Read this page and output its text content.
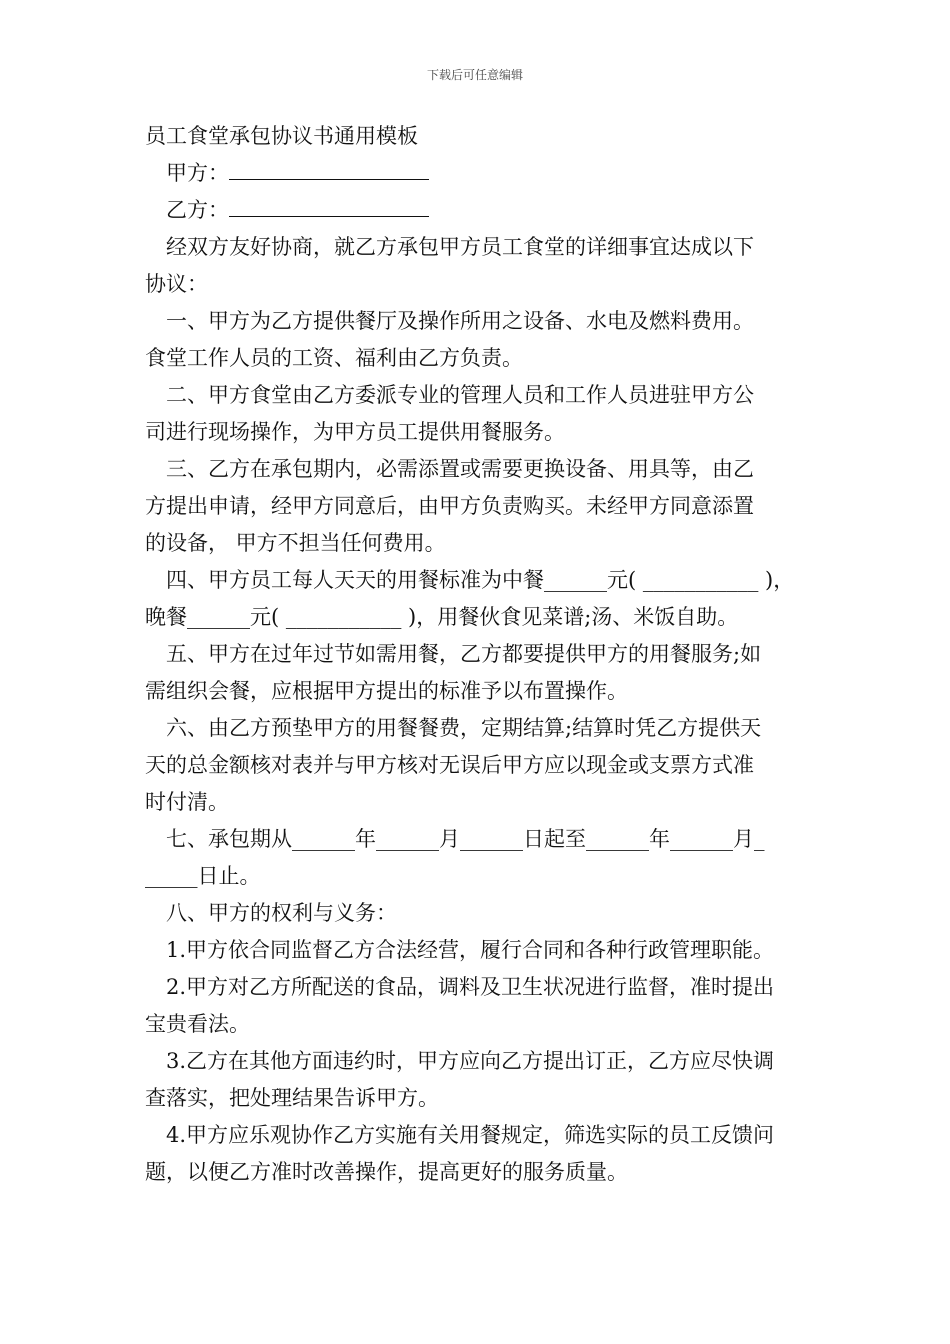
下载后可任意编辑
员工食堂承包协议书通用模板
甲方：
乙方：
经双方友好协商，就乙方承包甲方员工食堂的详细事宜达成以下
协议：
一、甲方为乙方提供餐厅及操作所用之设备、水电及燃料费用。
食堂工作人员的工资、福利由乙方负责。
二、甲方食堂由乙方委派专业的管理人员和工作人员进驻甲方公
司进行现场操作，为甲方员工提供用餐服务。
三、乙方在承包期内，必需添置或需要更换设备、用具等，由乙
方提出申请，经甲方同意后，由甲方负责购买。未经甲方同意添置
的设备， 甲方不担当任何费用。
四、甲方员工每人天天的用餐标准为中餐______元( ___________ )，
晚餐______元( ___________ )，用餐伙食见菜谱;汤、米饭自助。
五、甲方在过年过节如需用餐，乙方都要提供甲方的用餐服务;如
需组织会餐，应根据甲方提出的标准予以布置操作。
六、由乙方预垫甲方的用餐餐费，定期结算;结算时凭乙方提供天
天的总金额核对表并与甲方核对无误后甲方应以现金或支票方式准
时付清。
七、承包期从______年______月______日起至______年______月_
_____日止。
八、甲方的权利与义务：
1.甲方依合同监督乙方合法经营，履行合同和各种行政管理职能。
2.甲方对乙方所配送的食品，调料及卫生状况进行监督，准时提出
宝贵看法。
3.乙方在其他方面违约时，甲方应向乙方提出订正，乙方应尽快调
查落实，把处理结果告诉甲方。
4.甲方应乐观协作乙方实施有关用餐规定，筛选实际的员工反馈问
题，以便乙方准时改善操作，提高更好的服务质量。
